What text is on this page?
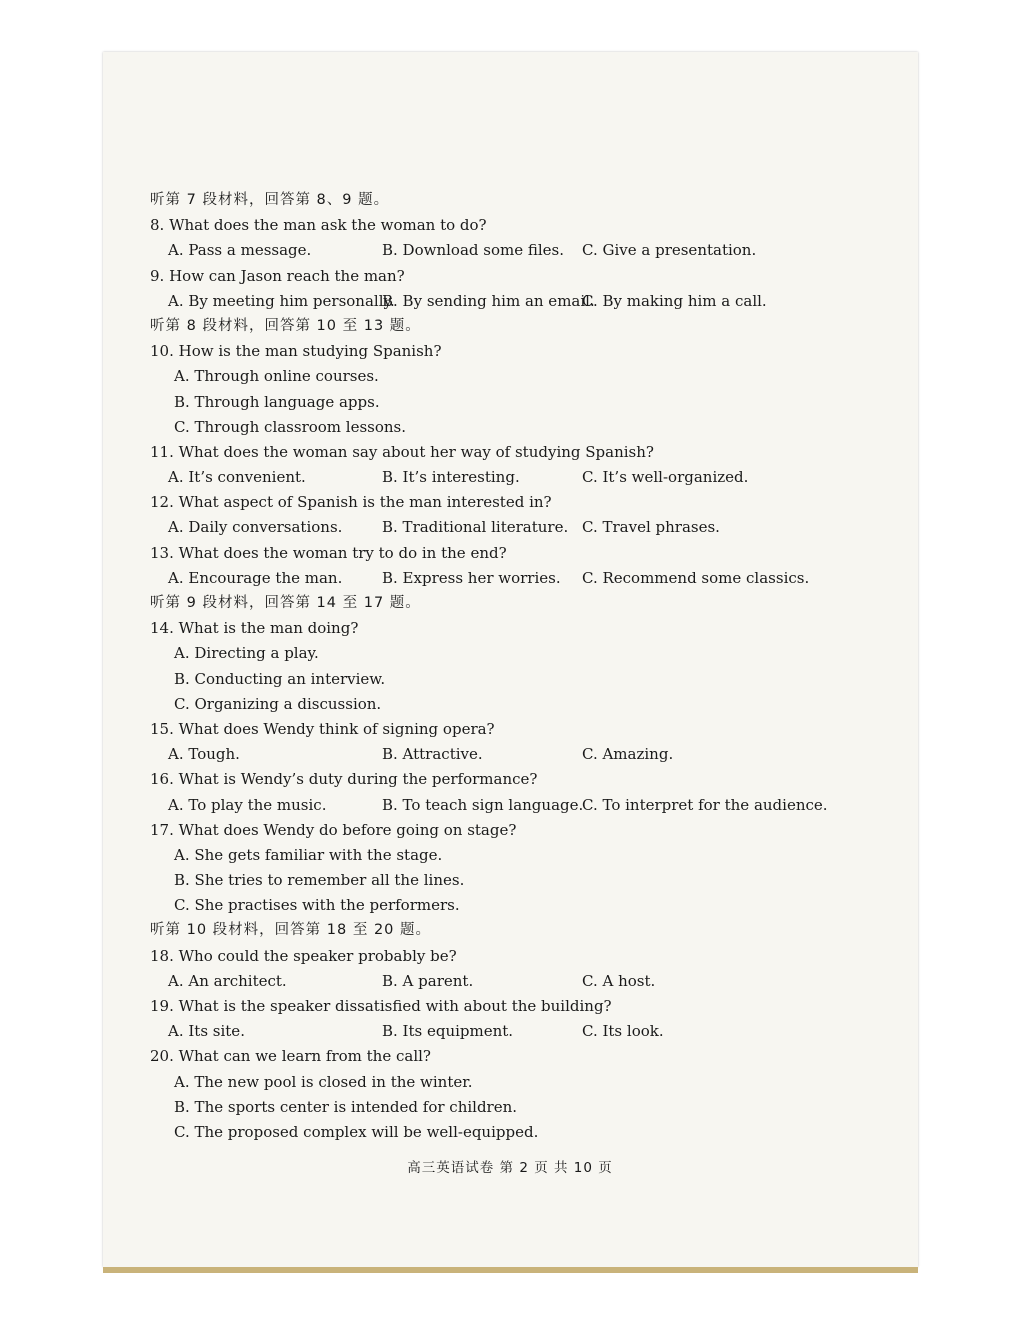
听第 7 段材料，回答第 8、9 题。
8. What does the man ask the woman to do?
A. Pass a message.	B. Download some files. C. Give a presentation.
9. How can Jason reach the man?
A. By meeting him personally.
B. By sending him an email.
C. By making him a call.
听第 8 段材料，回答第 10 至 13 题。
10. How is the man studying Spanish?
A. Through online courses.
B. Through language apps.
C. Through classroom lessons.
11. What does the woman say about her way of studying Spanish?
A. It’s convenient.	B. It’s interesting.	C. It’s well-organized.
12. What aspect of Spanish is the man interested in?
A. Daily conversations.	B. Traditional literature. C. Travel phrases.
13. What does the woman try to do in the end?
A. Encourage the man.	B. Express her worries. C. Recommend some classics.
听第 9 段材料，回答第 14 至 17 题。
14. What is the man doing?
A. Directing a play.
B. Conducting an interview.
C. Organizing a discussion.
15. What does Wendy think of signing opera?
A. Tough.	B. Attractive.	C. Amazing.
16. What is Wendy’s duty during the performance?
A. To play the music.	B. To teach sign language.
C. To interpret for the audience.
17. What does Wendy do before going on stage?
A. She gets familiar with the stage.
B. She tries to remember all the lines.
C. She practises with the performers.
听第 10 段材料，回答第 18 至 20 题。
18. Who could the speaker probably be?
A. An architect.	B. A parent.	C. A host.
19. What is the speaker dissatisfied with about the building?
A. Its site.	B. Its equipment.	C. Its look.
20. What can we learn from the call?
A. The new pool is closed in the winter.
B. The sports center is intended for children.
C. The proposed complex will be well-equipped.
高三英语试卷 第 2 页 共 10 页
